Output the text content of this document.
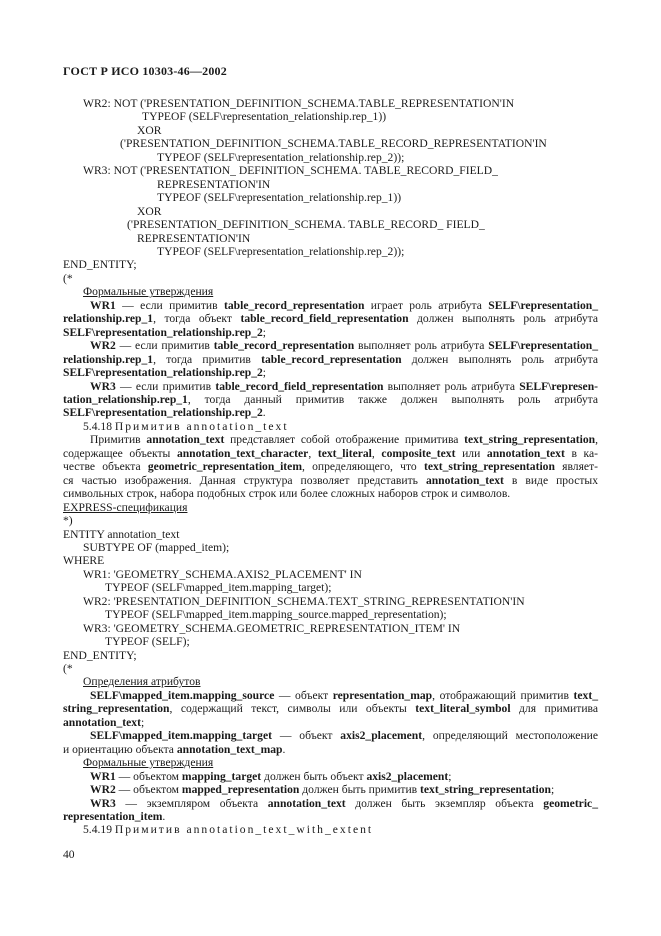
ГОСТ Р ИСО 10303-46—2002
WR2: NOT ('PRESENTATION_DEFINITION_SCHEMA.TABLE_REPRESENTATION'IN
TYPEOF (SELF\representation_relationship.rep_1))
XOR
('PRESENTATION_DEFINITION_SCHEMA.TABLE_RECORD_REPRESENTATION'IN
TYPEOF (SELF\representation_relationship.rep_2));
WR3: NOT ('PRESENTATION_ DEFINITION_SCHEMA. TABLE_RECORD_FIELD_
REPRESENTATION'IN
TYPEOF (SELF\representation_relationship.rep_1))
XOR
('PRESENTATION_DEFINITION_SCHEMA. TABLE_RECORD_ FIELD_
REPRESENTATION'IN
TYPEOF (SELF\representation_relationship.rep_2));
END_ENTITY;
(*
Формальные утверждения
WR1 — если примитив table_record_representation играет роль атрибута SELF\representation_
relationship.rep_1, тогда объект table_record_field_representation должен выполнять роль атрибута
SELF\representation_relationship.rep_2;
WR2 — если примитив table_record_representation выполняет роль атрибута SELF\representation_
relationship.rep_1, тогда примитив table_record_representation должен выполнять роль атрибута
SELF\representation_relationship.rep_2;
WR3 — если примитив table_record_field_representation выполняет роль атрибута SELF\represen-
tation_relationship.rep_1, тогда данный примитив также должен выполнять роль атрибута
SELF\representation_relationship.rep_2.
5.4.18 Примитив annotation_text
Примитив annotation_text представляет собой отображение примитива text_string_representation,
содержащее объекты annotation_text_character, text_literal, composite_text или annotation_text в ка-
честве объекта geometric_representation_item, определяющего, что text_string_representation являет-
ся частью изображения. Данная структура позволяет представить annotation_text в виде простых
символьных строк, набора подобных строк или более сложных наборов строк и символов.
EXPRESS-спецификация
*)
ENTITY annotation_text
SUBTYPE OF (mapped_item);
WHERE
WR1: 'GEOMETRY_SCHEMA.AXIS2_PLACEMENT' IN
TYPEOF (SELF\mapped_item.mapping_target);
WR2: 'PRESENTATION_DEFINITION_SCHEMA.TEXT_STRING_REPRESENTATION'IN
TYPEOF (SELF\mapped_item.mapping_source.mapped_representation);
WR3: 'GEOMETRY_SCHEMA.GEOMETRIC_REPRESENTATION_ITEM' IN
TYPEOF (SELF);
END_ENTITY;
(*
Определения атрибутов
SELF\mapped_item.mapping_source — объект representation_map, отображающий примитив text_
string_representation, содержащий текст, символы или объекты text_literal_symbol для примитива
annotation_text;
SELF\mapped_item.mapping_target — объект axis2_placement, определяющий местоположение
и ориентацию объекта annotation_text_map.
Формальные утверждения
WR1 — объектом mapping_target должен быть объект axis2_placement;
WR2 — объектом mapped_representation должен быть примитив text_string_representation;
WR3 — экземпляром объекта annotation_text должен быть экземпляр объекта geometric_
representation_item.
5.4.19 Примитив annotation_text_with_extent
40
